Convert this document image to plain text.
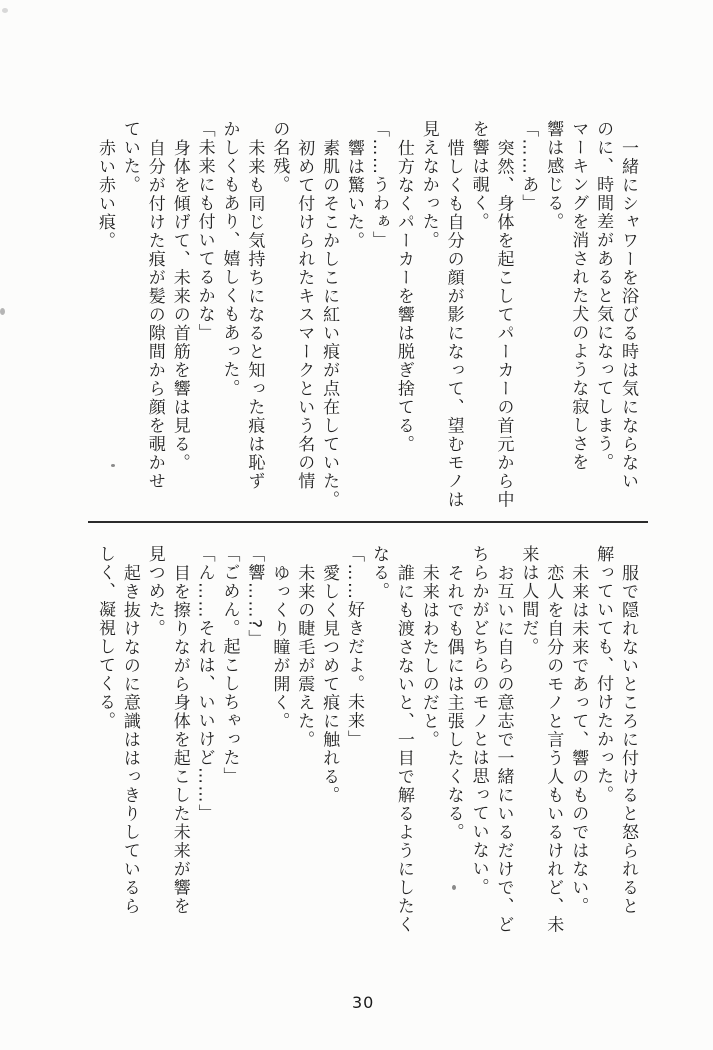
一緒にシャワーを浴びる時は気にならない

のに、時間差があると気になってしまう。

マーキングを消された犬のような寂しさを

響は感じる。

「……あ」

突然、身体を起こしてパーカーの首元から中

を響は覗く。

惜しくも自分の顔が影になって、望むモノは

見えなかった。

仕方なくパーカーを響は脱ぎ捨てる。

「……うわぁ」

響は驚いた。

素肌のそこかしこに紅い痕が点在していた。

初めて付けられたキスマークという名の情

の名残。

未来も同じ気持ちになると知った痕は恥ず

かしくもあり、嬉しくもあった。

「未来にも付いてるかな」

身体を傾げて、未来の首筋を響は見る。

自分が付けた痕が髪の隙間から顔を覗かせ

ていた。

赤い赤い痕。

服で隠れないところに付けると怒られると

解っていても、付けたかった。

未来は未来であって、響のものではない。

恋人を自分のモノと言う人もいるけれど、未

来は人間だ。

お互いに自らの意志で一緒にいるだけで、ど

ちらかがどちらのモノとは思っていない。

それでも偶には主張したくなる。

未来はわたしのだと。

誰にも渡さないと、一目で解るようにしたく

なる。

「……好きだよ。未来」

愛しく見つめて痕に触れる。

未来の睫毛が震えた。

ゆっくり瞳が開く。

「響……?」

「ごめん。起こしちゃった」

「ん……それは、いいけど……」

目を擦りながら身体を起こした未来が響を

見つめた。

起き抜けなのに意識ははっきりしているら

しく、凝視してくる。

30
